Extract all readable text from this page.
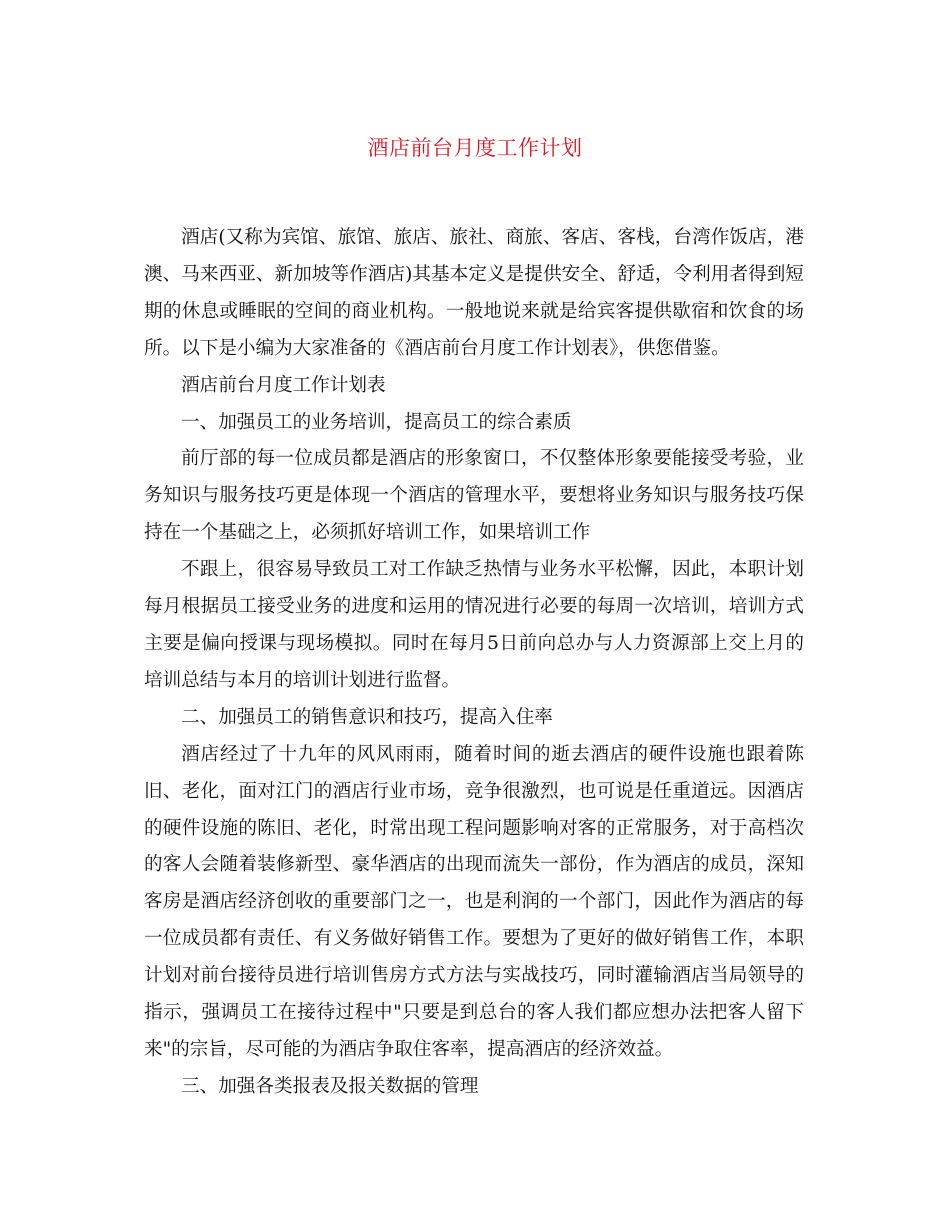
酒店前台月度工作计划

酒店(又称为宾馆、旅馆、旅店、旅社、商旅、客店、客栈，台湾作饭店，港澳、马来西亚、新加坡等作酒店)其基本定义是提供安全、舒适，令利用者得到短期的休息或睡眠的空间的商业机构。一般地说来就是给宾客提供歇宿和饮食的场所。以下是小编为大家准备的《酒店前台月度工作计划表》，供您借鉴。

酒店前台月度工作计划表

一、加强员工的业务培训，提高员工的综合素质

前厅部的每一位成员都是酒店的形象窗口，不仅整体形象要能接受考验，业务知识与服务技巧更是体现一个酒店的管理水平，要想将业务知识与服务技巧保持在一个基础之上，必须抓好培训工作，如果培训工作

不跟上，很容易导致员工对工作缺乏热情与业务水平松懈，因此，本职计划每月根据员工接受业务的进度和运用的情况进行必要的每周一次培训，培训方式主要是偏向授课与现场模拟。同时在每月5日前向总办与人力资源部上交上月的培训总结与本月的培训计划进行监督。

二、加强员工的销售意识和技巧，提高入住率

酒店经过了十九年的风风雨雨，随着时间的逝去酒店的硬件设施也跟着陈旧、老化，面对江门的酒店行业市场，竞争很激烈，也可说是任重道远。因酒店的硬件设施的陈旧、老化，时常出现工程问题影响对客的正常服务，对于高档次的客人会随着装修新型、豪华酒店的出现而流失一部份，作为酒店的成员，深知客房是酒店经济创收的重要部门之一，也是利润的一个部门，因此作为酒店的每一位成员都有责任、有义务做好销售工作。要想为了更好的做好销售工作，本职计划对前台接待员进行培训售房方式方法与实战技巧，同时灌输酒店当局领导的指示，强调员工在接待过程中"只要是到总台的客人我们都应想办法把客人留下来"的宗旨，尽可能的为酒店争取住客率，提高酒店的经济效益。

三、加强各类报表及报关数据的管理
